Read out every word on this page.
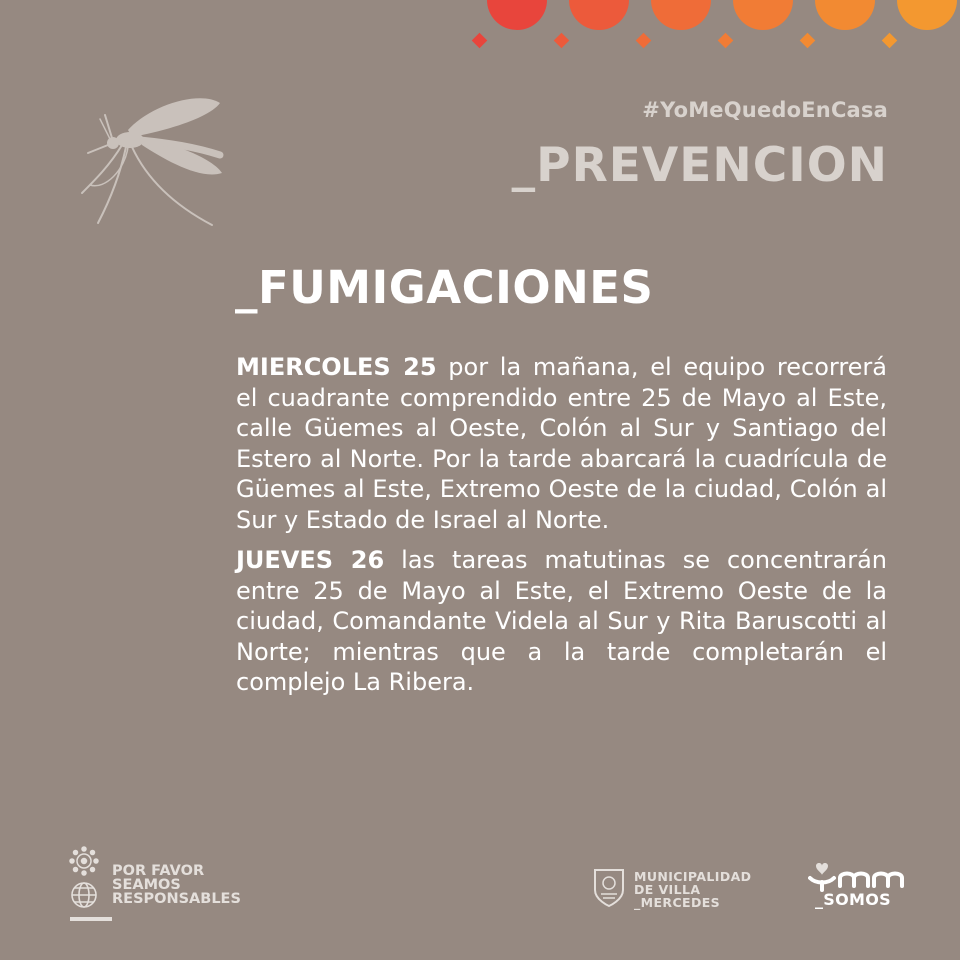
#YoMeQuedoEnCasa
_PREVENCION
_FUMIGACIONES

MIERCOLES 25 por la mañana, el equipo recorrerá el cuadrante comprendido entre 25 de Mayo al Este, calle Güemes al Oeste, Colón al Sur y Santiago del Estero al Norte. Por la tarde abarcará la cuadrícula de Güemes al Este, Extremo Oeste de la ciudad, Colón al Sur y Estado de Israel al Norte.

JUEVES 26 las tareas matutinas se concentrarán entre 25 de Mayo al Este, el Extremo Oeste de la ciudad, Comandante Videla al Sur y Rita Baruscotti al Norte; mientras que a la tarde completarán el complejo La Ribera.

POR FAVOR
SEAMOS
RESPONSABLES
MUNICIPALIDAD
DE VILLA
_MERCEDES	_SOMOS
